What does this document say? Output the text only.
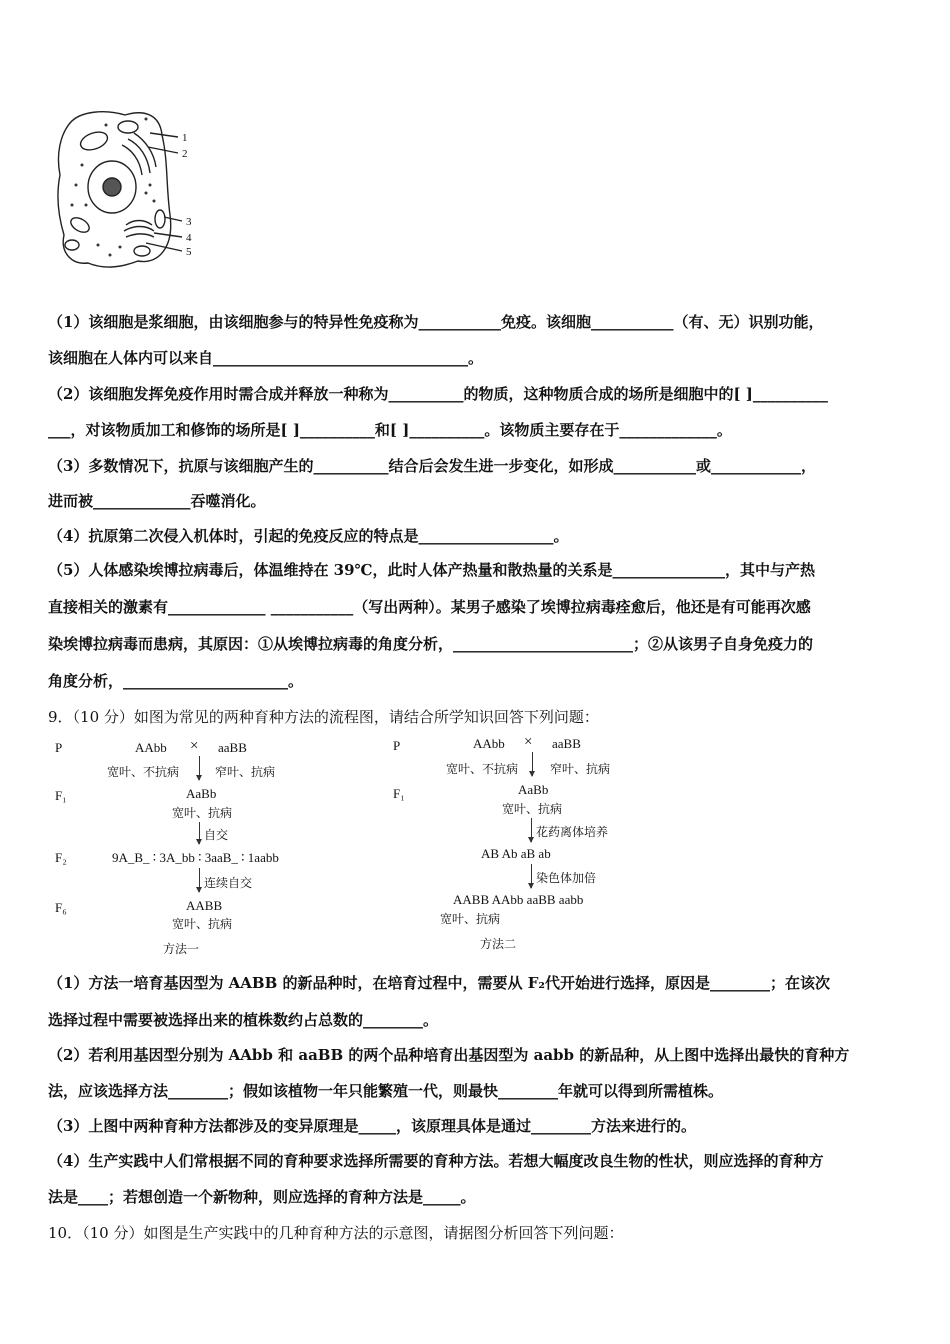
1
2
3
4
5
（1）该细胞是浆细胞，由该细胞参与的特异性免疫称为___________免疫。该细胞___________（有、无）识别功能，
该细胞在人体内可以来自__________________________________。
（2）该细胞发挥免疫作用时需合成并释放一种称为__________的物质，这种物质合成的场所是细胞中的[ ]__________
___，对该物质加工和修饰的场所是[ ]__________和[ ]__________。该物质主要存在于_____________。
（3）多数情况下，抗原与该细胞产生的__________结合后会发生进一步变化，如形成___________或____________，
进而被_____________吞噬消化。
（4）抗原第二次侵入机体时，引起的免疫反应的特点是__________________。
（5）人体感染埃博拉病毒后，体温维持在 39℃，此时人体产热量和散热量的关系是_______________，其中与产热
直接相关的激素有_____________ ___________（写出两种）。某男子感染了埃博拉病毒痊愈后，他还是有可能再次感
染埃博拉病毒而患病，其原因：①从埃博拉病毒的角度分析，________________________；②从该男子自身免疫力的
角度分析，______________________。
9．（10 分）如图为常见的两种育种方法的流程图，请结合所学知识回答下列问题：
P
F₁
F₂
F₆
AAbb × aaBB
宽叶、不抗病	窄叶、抗病
AaBb
宽叶、抗病
自交
9A_B_ ∶ 3A_bb ∶ 3aaB_ ∶ 1aabb
连续自交
AABB
宽叶、抗病
方法一
P
F₁
AAbb × aaBB
宽叶、不抗病	窄叶、抗病
AaBb
宽叶、抗病
花药离体培养
AB Ab aB ab
染色体加倍
AABB AAbb aaBB aabb
宽叶、抗病
方法二
（1）方法一培育基因型为 AABB 的新品种时，在培育过程中，需要从 F₂代开始进行选择，原因是________；在该次
选择过程中需要被选择出来的植株数约占总数的________。
（2）若利用基因型分别为 AAbb 和 aaBB 的两个品种培育出基因型为 aabb 的新品种，从上图中选择出最快的育种方
法，应该选择方法________；假如该植物一年只能繁殖一代，则最快________年就可以得到所需植株。
（3）上图中两种育种方法都涉及的变异原理是_____，该原理具体是通过________方法来进行的。
（4）生产实践中人们常根据不同的育种要求选择所需要的育种方法。若想大幅度改良生物的性状，则应选择的育种方
法是____；若想创造一个新物种，则应选择的育种方法是_____。
10．（10 分）如图是生产实践中的几种育种方法的示意图，请据图分析回答下列问题：
